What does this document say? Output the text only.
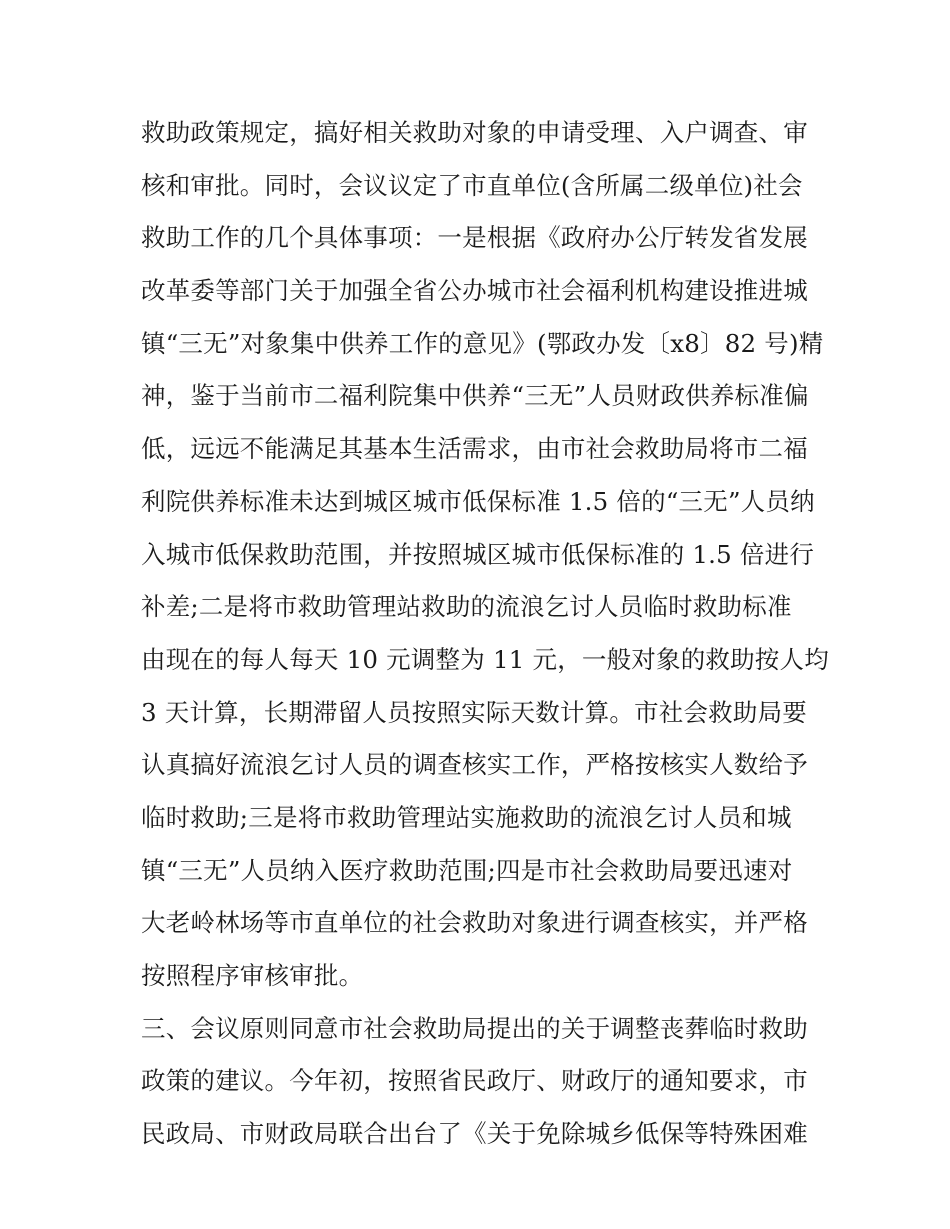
救助政策规定，搞好相关救助对象的申请受理、入户调查、审
核和审批。同时，会议议定了市直单位(含所属二级单位)社会
救助工作的几个具体事项：一是根据《政府办公厅转发省发展
改革委等部门关于加强全省公办城市社会福利机构建设推进城
镇“三无”对象集中供养工作的意见》(鄂政办发〔x8〕82 号)精
神，鉴于当前市二福利院集中供养“三无”人员财政供养标准偏
低，远远不能满足其基本生活需求，由市社会救助局将市二福
利院供养标准未达到城区城市低保标准 1.5 倍的“三无”人员纳
入城市低保救助范围，并按照城区城市低保标准的 1.5 倍进行
补差;二是将市救助管理站救助的流浪乞讨人员临时救助标准
由现在的每人每天 10 元调整为 11 元，一般对象的救助按人均
3 天计算，长期滞留人员按照实际天数计算。市社会救助局要
认真搞好流浪乞讨人员的调查核实工作，严格按核实人数给予
临时救助;三是将市救助管理站实施救助的流浪乞讨人员和城
镇“三无”人员纳入医疗救助范围;四是市社会救助局要迅速对
大老岭林场等市直单位的社会救助对象进行调查核实，并严格
按照程序审核审批。
三、会议原则同意市社会救助局提出的关于调整丧葬临时救助
政策的建议。今年初，按照省民政厅、财政厅的通知要求，市
民政局、市财政局联合出台了《关于免除城乡低保等特殊困难
